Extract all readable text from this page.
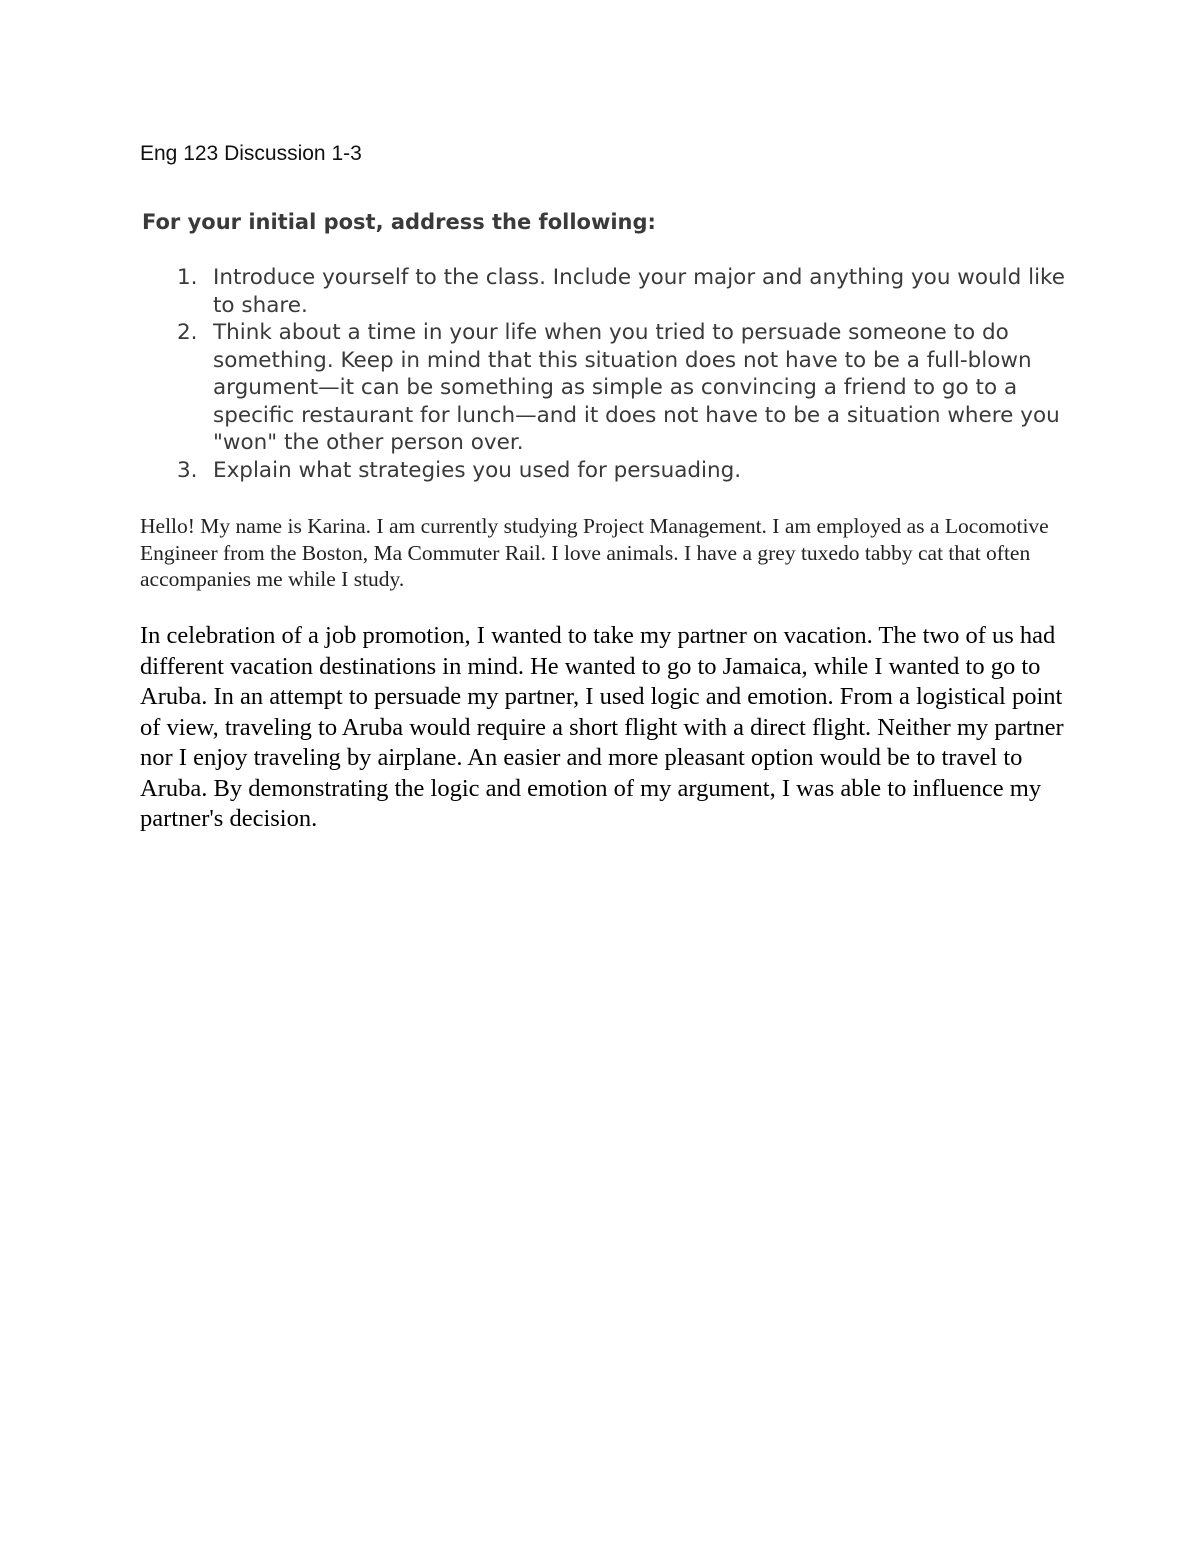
Eng 123 Discussion 1-3
For your initial post, address the following:
1. Introduce yourself to the class. Include your major and anything you would like to share.
2. Think about a time in your life when you tried to persuade someone to do something. Keep in mind that this situation does not have to be a full-blown argument—it can be something as simple as convincing a friend to go to a specific restaurant for lunch—and it does not have to be a situation where you "won" the other person over.
3. Explain what strategies you used for persuading.

Hello! My name is Karina. I am currently studying Project Management. I am employed as a Locomotive Engineer from the Boston, Ma Commuter Rail. I love animals. I have a grey tuxedo tabby cat that often accompanies me while I study.

In celebration of a job promotion, I wanted to take my partner on vacation. The two of us had different vacation destinations in mind. He wanted to go to Jamaica, while I wanted to go to Aruba. In an attempt to persuade my partner, I used logic and emotion. From a logistical point of view, traveling to Aruba would require a short flight with a direct flight. Neither my partner nor I enjoy traveling by airplane. An easier and more pleasant option would be to travel to Aruba. By demonstrating the logic and emotion of my argument, I was able to influence my partner's decision.
